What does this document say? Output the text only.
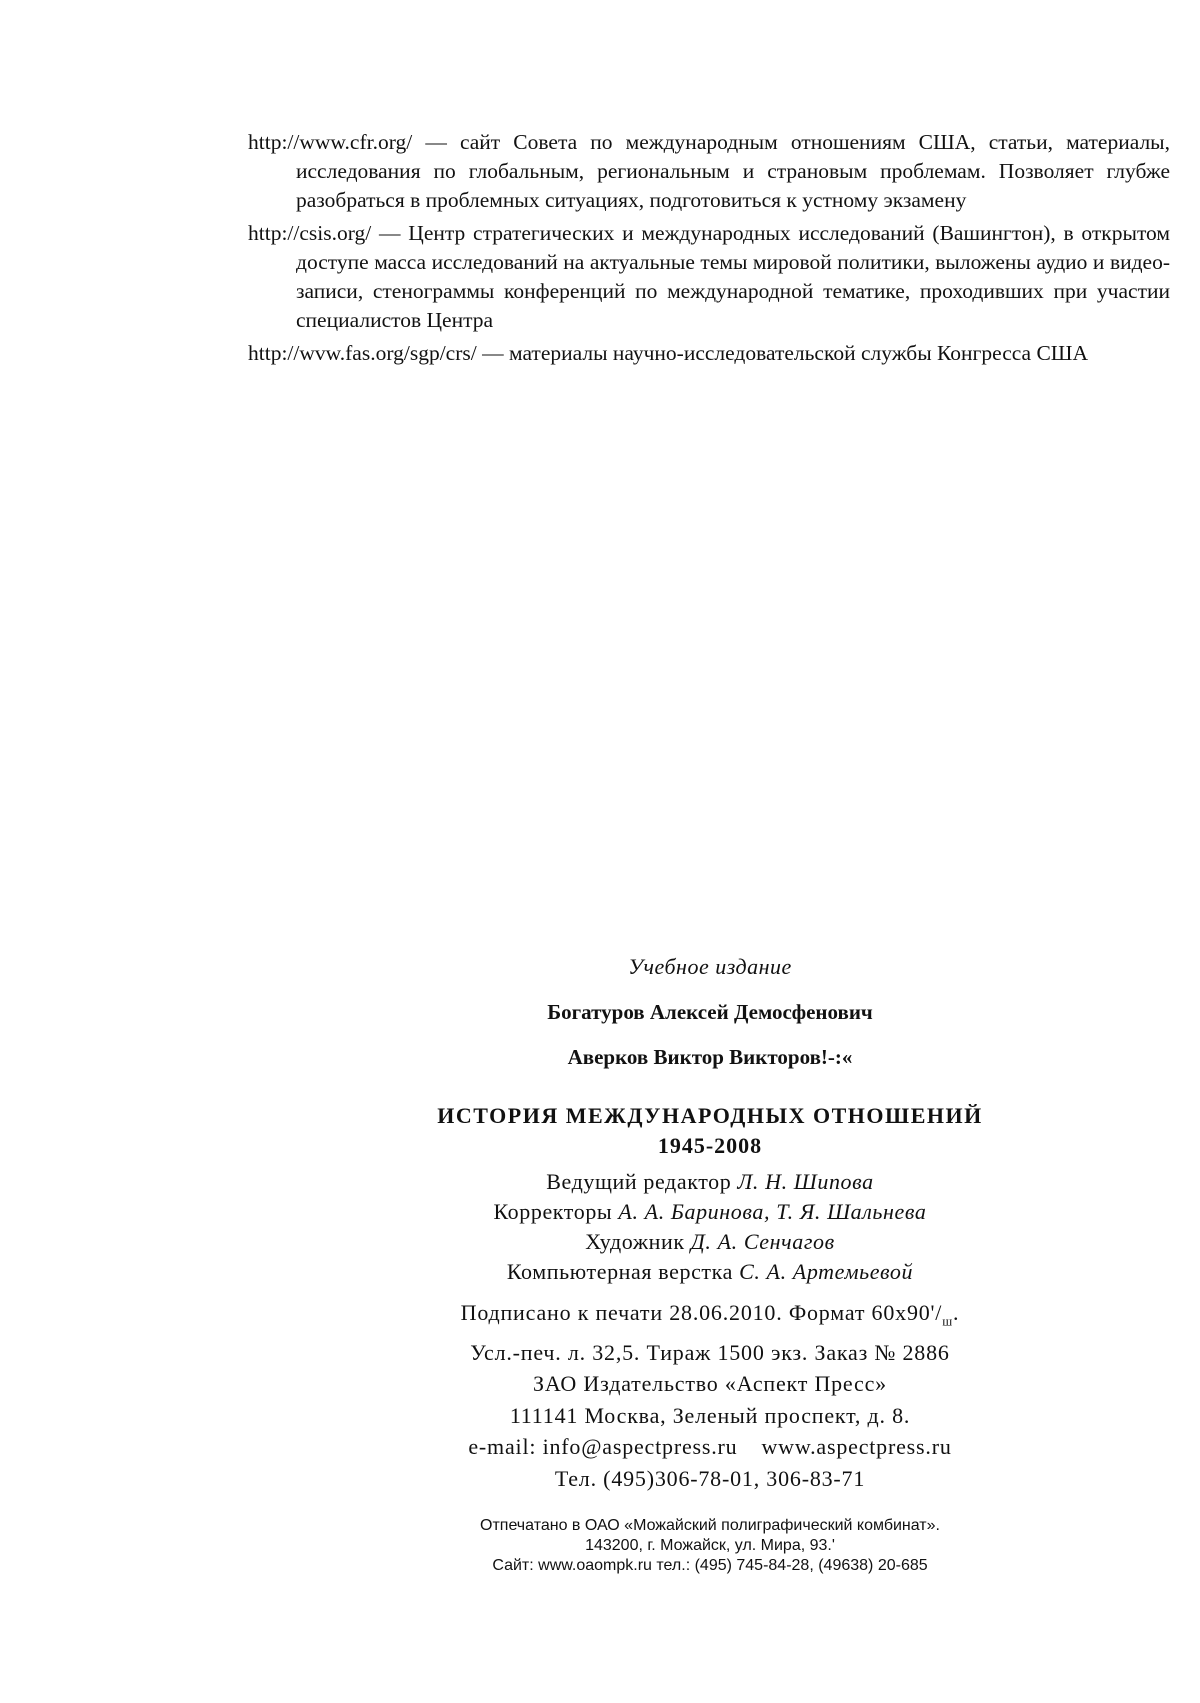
http://www.cfr.org/ — сайт Совета по международным отношениям США, статьи, материалы, исследования по глобальным, региональным и страновым проблемам. Позволяет глубже разобраться в проблемных ситуациях, подготовиться к устному экзамену

http://csis.org/ — Центр стратегических и международных исследований (Вашингтон), в открытом доступе масса исследований на актуальные темы мировой политики, выложены аудио и видео-записи, стенограммы конференций по международной тематике, проходивших при участии специалистов Центра

http://wvw.fas.org/sgp/crs/ — материалы научно-исследовательской службы Конгресса США

Учебное издание
Богатуров Алексей Демосфенович
Аверков Виктор Викторов!-:«
ИСТОРИЯ МЕЖДУНАРОДНЫХ ОТНОШЕНИЙ
1945-2008
Ведущий редактор Л. Н. Шипова
Корректоры А. А. Баринова, Т. Я. Шальнева
Художник Д. А. Сенчагов
Компьютерная верстка С. А. Артемьевой
Подписано к печати 28.06.2010. Формат $60х90'/_ш$.
Усл.-печ. л. 32,5. Тираж 1500 экз. Заказ № 2886
ЗАО Издательство «Аспект Пресс»
111141 Москва, Зеленый проспект, д. 8.
e-mail: info@aspectpress.ru www.aspectpress.ru
Тел. (495)306-78-01, 306-83-71
Отпечатано в ОАО «Можайский полиграфический комбинат».
143200, г. Можайск, ул. Мира, 93.'
Сайт: www.oaompk.ru тел.: (495) 745-84-28, (49638) 20-685
